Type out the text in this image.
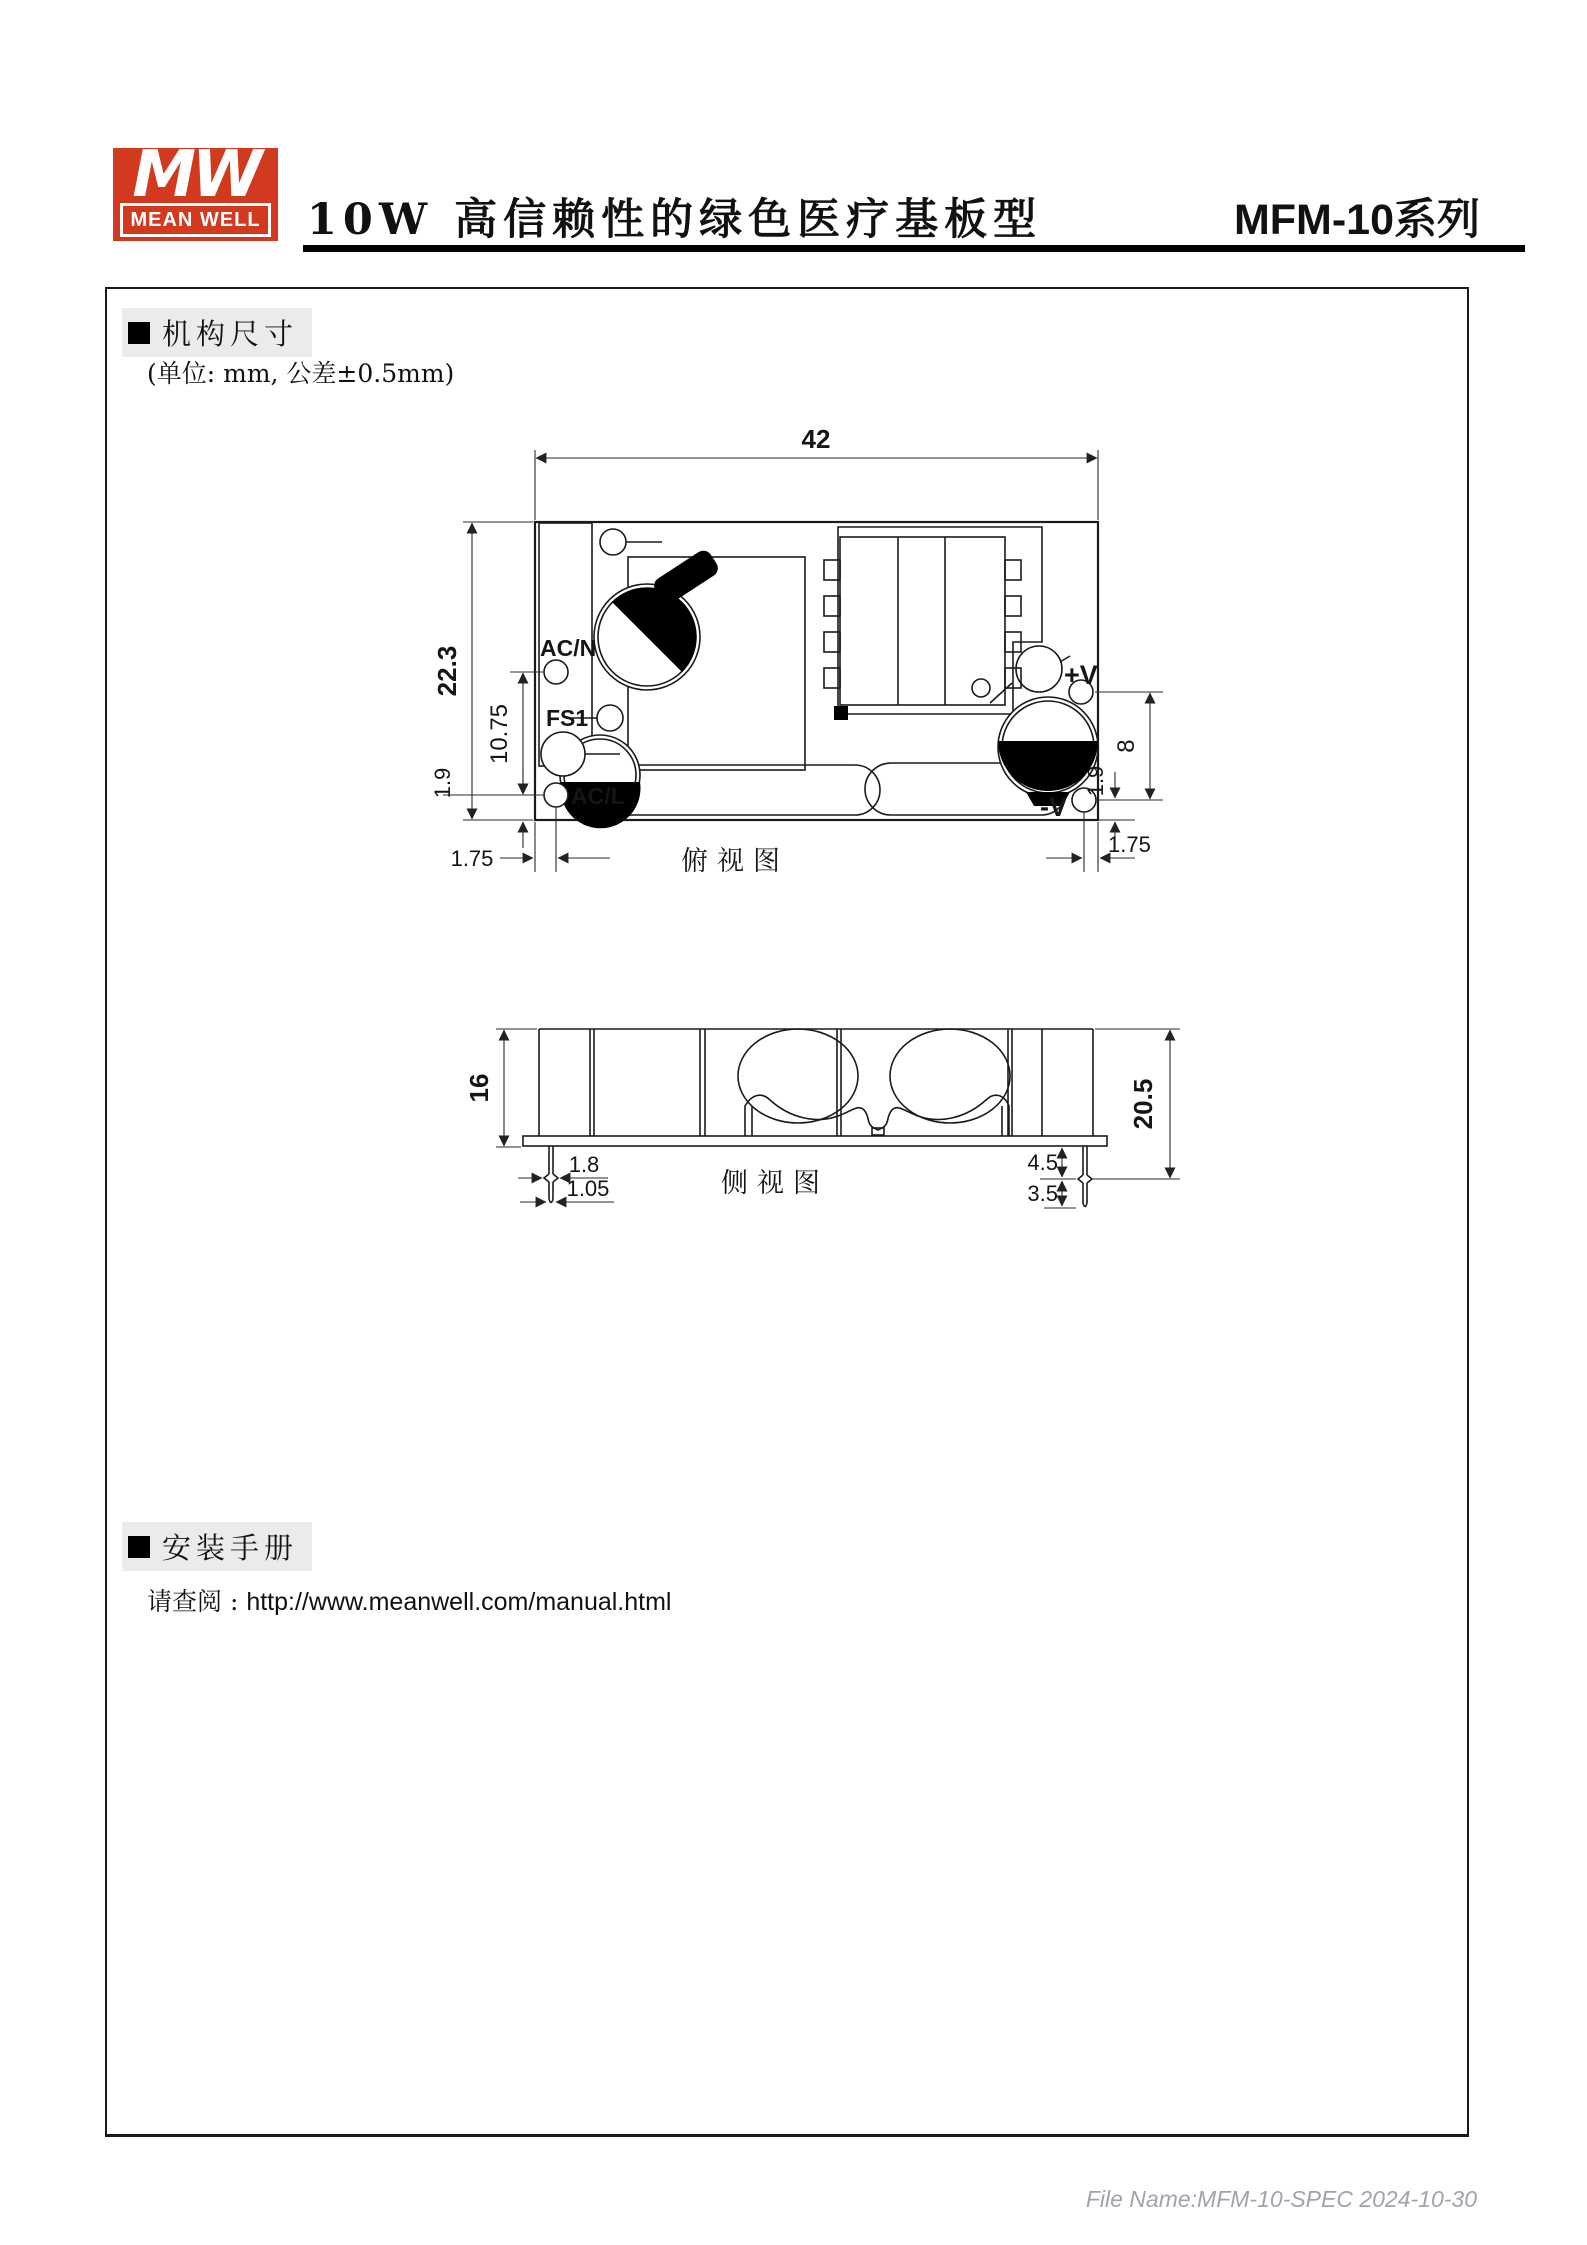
MW
MEAN WELL 10W 高信赖性的绿色医疗基板型	MFM-10系列
机构尺寸
(单位: mm, 公差±0.5mm)
AC/N
FS1
AC/L
+V
-V
42
22.3
10.75
1.9
1.75
8
1.9
1.75
俯视图
16	20.5
1.8
1.05
4.5
3.5
侧视图
安装手册
请查阅 : http://www.meanwell.com/manual.html
File Name:MFM-10-SPEC 2024-10-30
